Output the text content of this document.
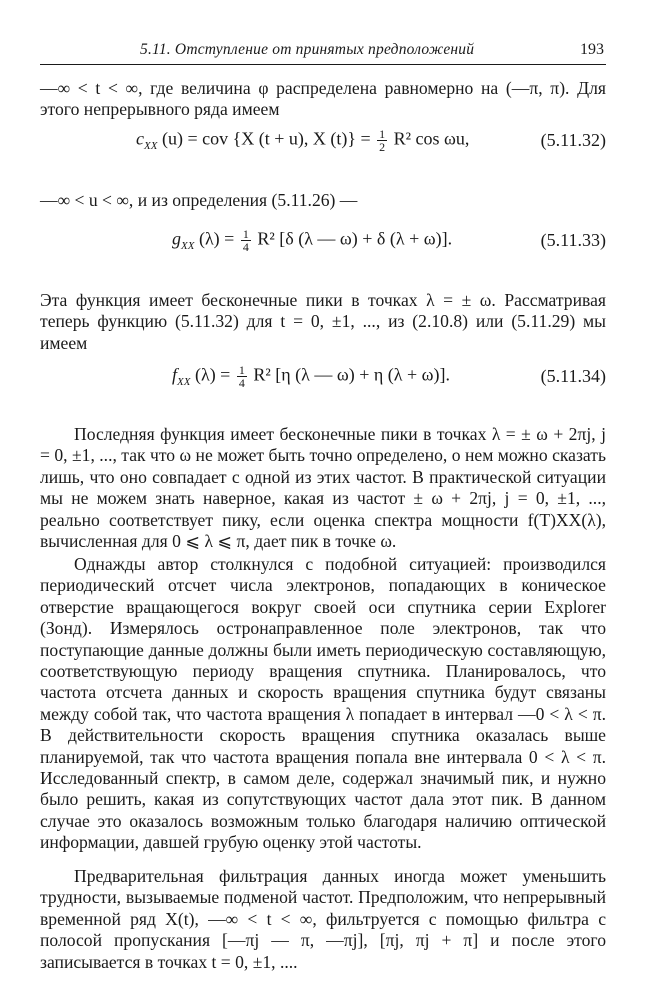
5.11. Отступление от принятых предположений	193

—∞ < t < ∞, где величина φ распределена равномерно на (—π, π). Для этого непрерывного ряда имеем

$c_{XX}$ (u) = cov {X (t + u), X $(t)\} = \frac{1}{2} R^2$ cos ωu,	(5.11.32)

—∞ < u < ∞, и из определения (5.11.26) —

$g_{XX}$ $(\lambda) = \frac{1}{4} R^2$ [δ (λ — ω) + δ (λ + ω)].	(5.11.33)

Эта функция имеет бесконечные пики в точках λ = ± ω. Рассматривая теперь функцию (5.11.32) для t = 0, ±1, ..., из (2.10.8) или (5.11.29) мы имеем

$f_{XX}$ $(\lambda) = \frac{1}{4} R^2$ [η (λ — ω) + η (λ + ω)].	(5.11.34)

Последняя функция имеет бесконечные пики в точках λ = ± ω + 2πj, j = 0, ±1, ..., так что ω не может быть точно определено, о нем можно сказать лишь, что оно совпадает с одной из этих частот. В практической ситуации мы не можем знать наверное, какая из частот ± ω + 2πj, j = 0, ±1, ..., реально соответствует пику, если оценка спектра мощности f(T)XX(λ), вычисленная для 0 ⩽ λ ⩽ π, дает пик в точке ω.

Однажды автор столкнулся с подобной ситуацией: производился периодический отсчет числа электронов, попадающих в коническое отверстие вращающегося вокруг своей оси спутника серии Explorer (Зонд). Измерялось остронаправленное поле электронов, так что поступающие данные должны были иметь периодическую составляющую, соответствующую периоду вращения спутника. Планировалось, что частота отсчета данных и скорость вращения спутника будут связаны между собой так, что частота вращения λ попадает в интервал —0 < λ < π. В действительности скорость вращения спутника оказалась выше планируемой, так что частота вращения попала вне интервала 0 < λ < π. Исследованный спектр, в самом деле, содержал значимый пик, и нужно было решить, какая из сопутствующих частот дала этот пик. В данном случае это оказалось возможным только благодаря наличию оптической информации, давшей грубую оценку этой частоты.

Предварительная фильтрация данных иногда может уменьшить трудности, вызываемые подменой частот. Предположим, что непрерывный временной ряд X(t), —∞ < t < ∞, фильтруется с помощью фильтра с полосой пропускания [—πj — π, —πj], [πj, πj + π] и после этого записывается в точках t = 0, ±1, ....
